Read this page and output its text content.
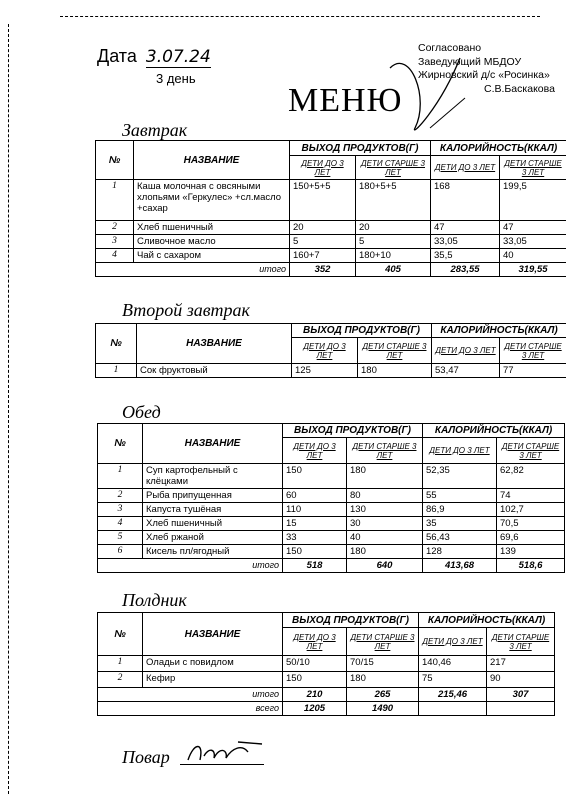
Дата 3.07.24
3 день
Согласовано
Заведующий МБДОУ
Жирновский д/с «Росинка»
С.В.Баскакова
МЕНЮ
Завтрак
№	НАЗВАНИЕ	ВЫХОД ПРОДУКТОВ(Г)		КАЛОРИЙНОСТЬ(ККАЛ)	
		ДЕТИ ДО 3 ЛЕТ	ДЕТИ СТАРШЕ 3 ЛЕТ	ДЕТИ ДО 3 ЛЕТ	ДЕТИ СТАРШЕ 3 ЛЕТ
1	Каша молочная с овсяными хлопьями «Геркулес» +сл.масло +сахар	150+5+5	180+5+5	168	199,5
2	Хлеб пшеничный	20	20	47	47
3	Сливочное масло	5	5	33,05	33,05
4	Чай с сахаром	160+7	180+10	35,5	40
итого		352	405	283,55	319,55
Второй завтрак
№	НАЗВАНИЕ	ВЫХОД ПРОДУКТОВ(Г)		КАЛОРИЙНОСТЬ(ККАЛ)	
		ДЕТИ ДО 3 ЛЕТ	ДЕТИ СТАРШЕ 3 ЛЕТ	ДЕТИ ДО 3 ЛЕТ	ДЕТИ СТАРШЕ 3 ЛЕТ
1	Сок фруктовый	125	180	53,47	77
Обед
№	НАЗВАНИЕ	ВЫХОД ПРОДУКТОВ(Г)		КАЛОРИЙНОСТЬ(ККАЛ)	
		ДЕТИ ДО 3 ЛЕТ	ДЕТИ СТАРШЕ 3 ЛЕТ	ДЕТИ ДО 3 ЛЕТ	ДЕТИ СТАРШЕ 3 ЛЕТ
1	Суп картофельный с клёцками	150	180	52,35	62,82
2	Рыба припущенная	60	80	55	74
3	Капуста тушёная	110	130	86,9	102,7
4	Хлеб пшеничный	15	30	35	70,5
5	Хлеб ржаной	33	40	56,43	69,6
6	Кисель пл/ягодный	150	180	128	139
итого		518	640	413,68	518,6
Полдник
№	НАЗВАНИЕ	ВЫХОД ПРОДУКТОВ(Г)		КАЛОРИЙНОСТЬ(ККАЛ)	
		ДЕТИ ДО 3 ЛЕТ	ДЕТИ СТАРШЕ 3 ЛЕТ	ДЕТИ ДО 3 ЛЕТ	ДЕТИ СТАРШЕ 3 ЛЕТ
1	Оладьи с повидлом	50/10	70/15	140,46	217
2	Кефир	150	180	75	90
итого		210	265	215,46	307
всего		1205	1490		
Повар
